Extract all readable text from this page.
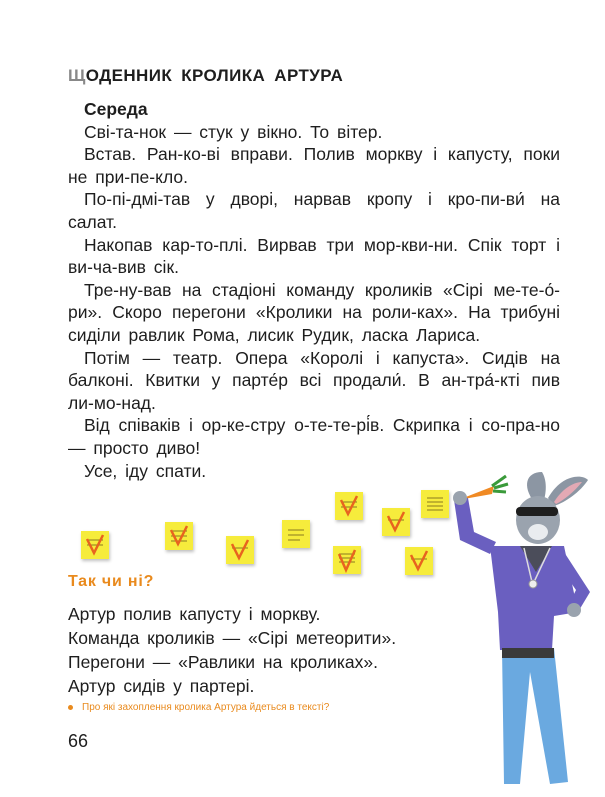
ЩОДЕННИК КРОЛИКА АРТУРА
Середа

Сві-та-нок — стук у вікно. То вітер.

Встав. Ран-ко-ві вправи. Полив моркву і капусту, поки не при-пе-кло.

По-пі-дмі-тав у дворі, нарвав кропу і кро-пи-ви́ на салат.

Накопав кар-то-плі. Вирвав три мор-кви-ни. Спік торт і ви-ча-вив сік.

Тре-ну-вав на стадіоні команду кроликів «Сірі ме-те-о́-ри». Скоро перегони «Кролики на роли-ках». На трибуні сиділи равлик Рома, лисик Рудик, ласка Лариса.

Потім — театр. Опера «Королі і капуста». Сидів на балконі. Квитки у парте́р всі продали́. В ан-тра́-кті пив ли-мо-над.

Від співаків і ор-ке-стру о-те-те-рі́в. Скрипка і со-пра-но — просто диво!

Усе, іду спати.

Так чи ні?
Артур полив капусту і моркву.
Команда кроликів — «Сірі метеорити».
Перегони — «Равлики на кроликах».
Артур сидів у партері.
Про які захоплення кролика Артура йдеться в тексті?
66
